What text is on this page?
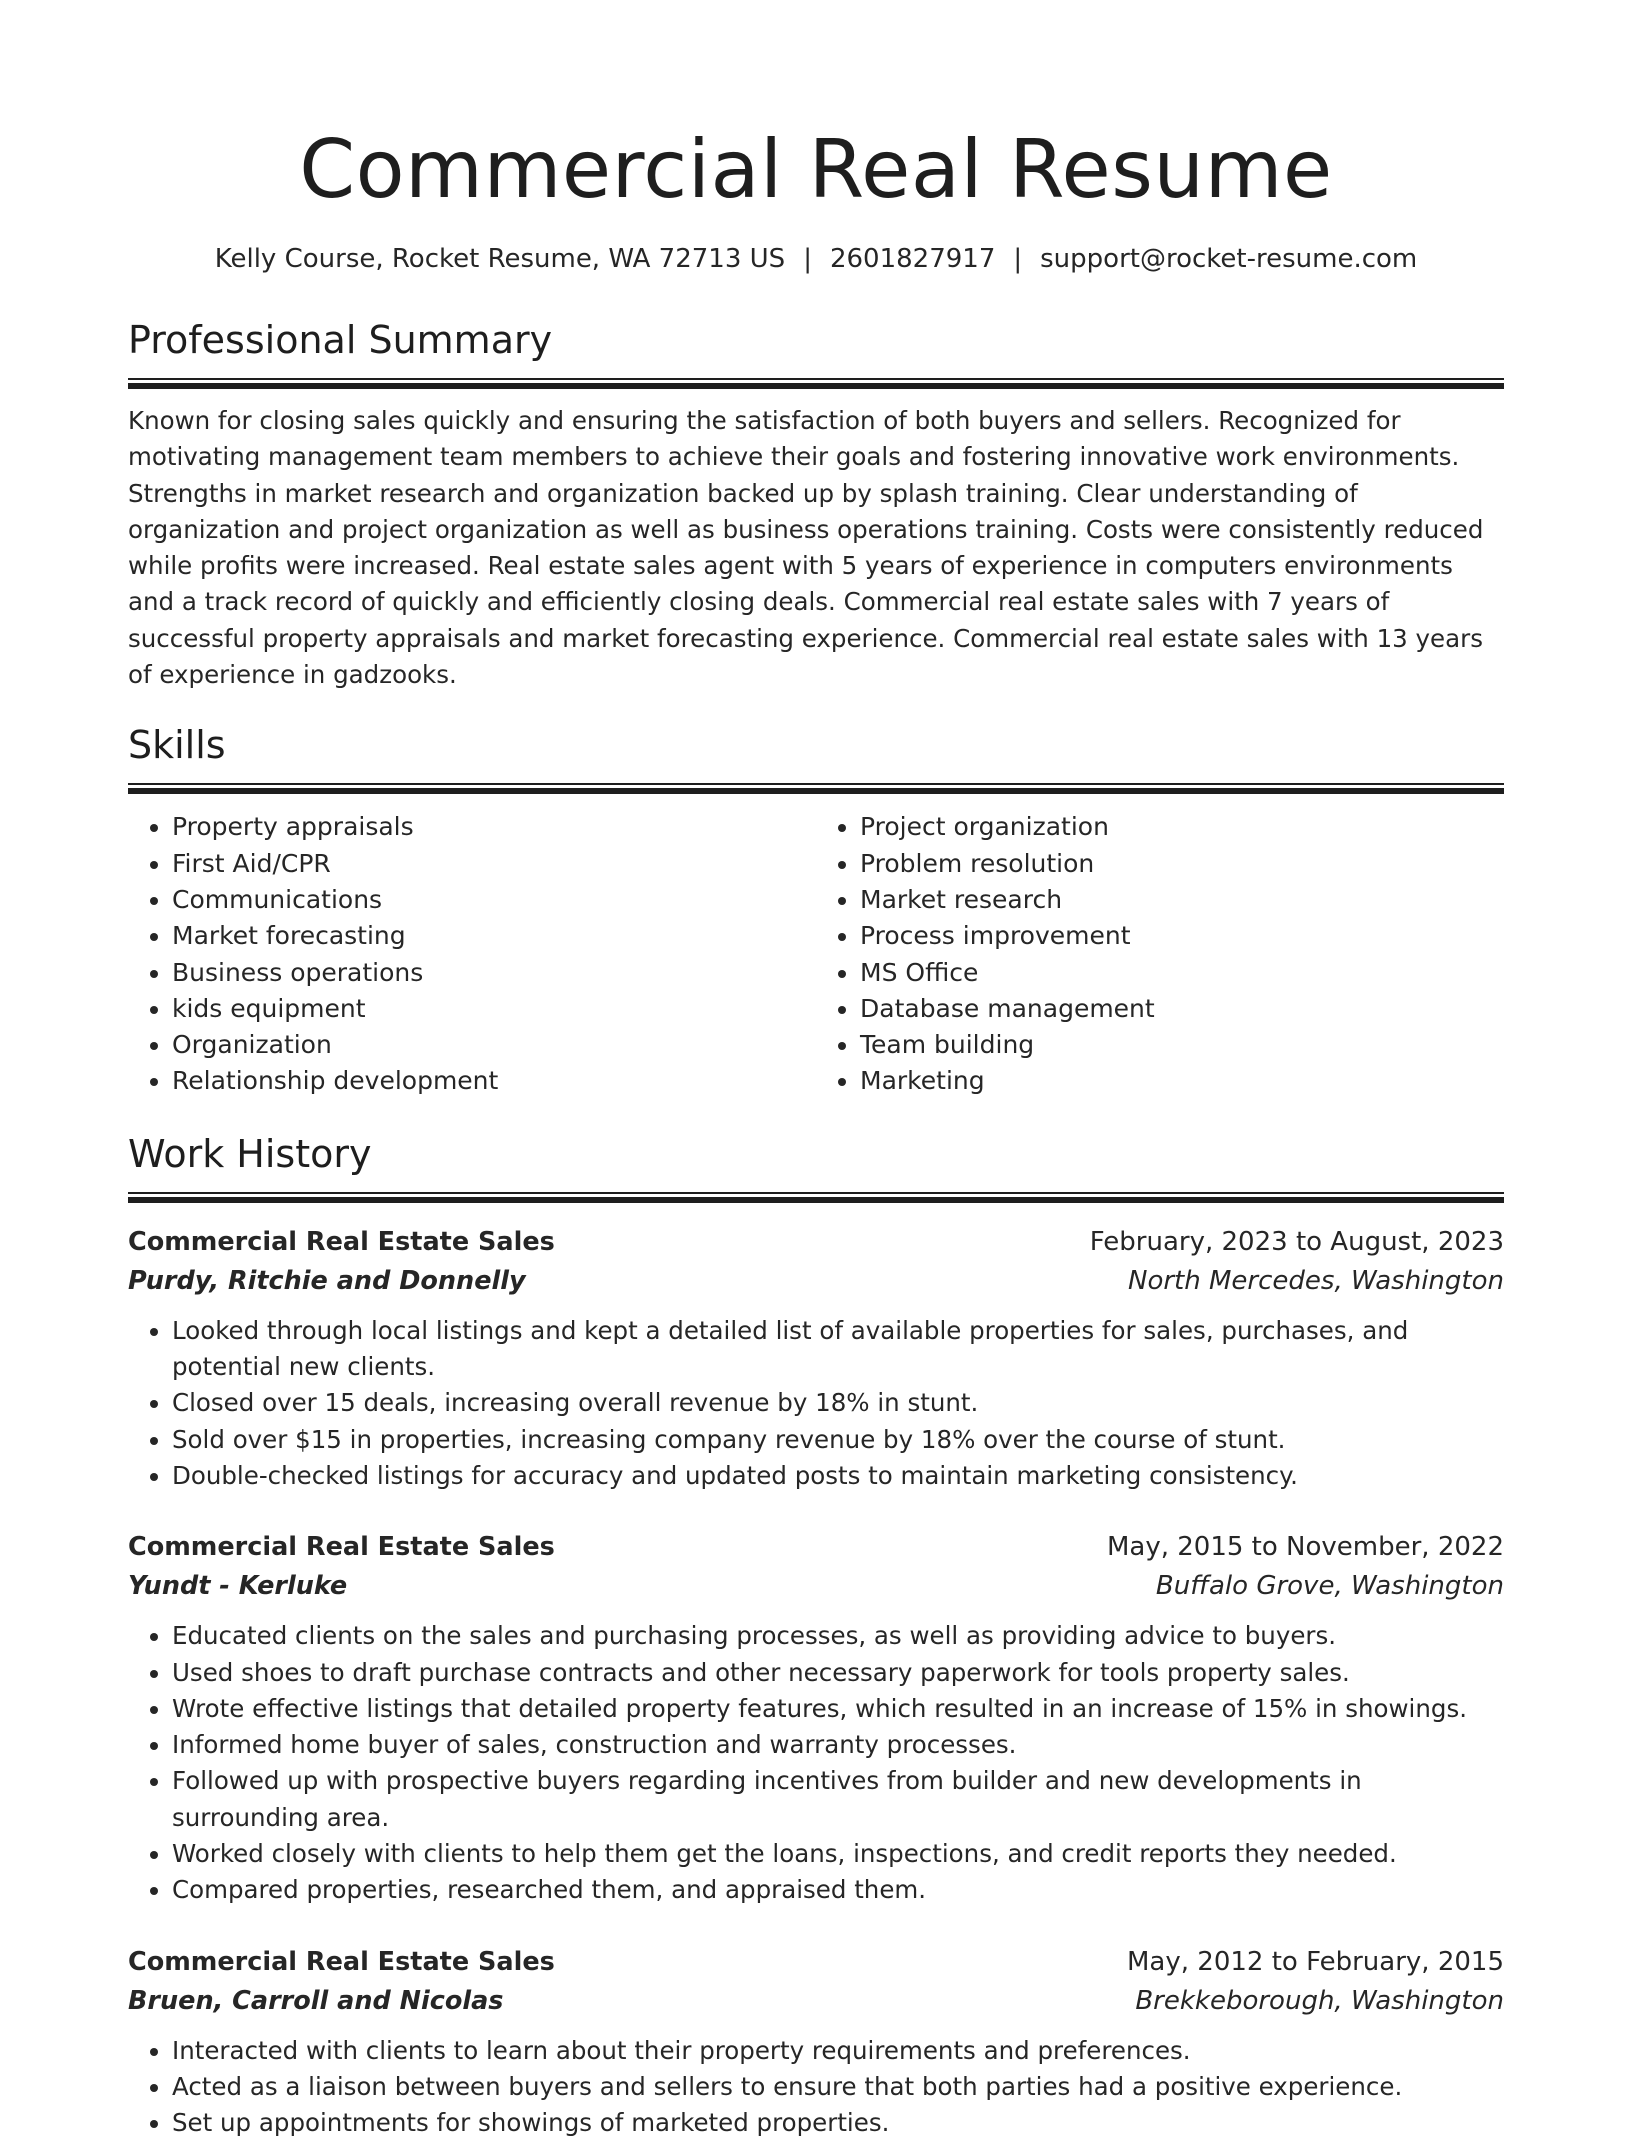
Commercial Real Resume
Kelly Course, Rocket Resume, WA 72713 US | 2601827917 | support@rocket-resume.com
Professional Summary

Known for closing sales quickly and ensuring the satisfaction of both buyers and sellers. Recognized for motivating management team members to achieve their goals and fostering innovative work environments. Strengths in market research and organization backed up by splash training. Clear understanding of organization and project organization as well as business operations training. Costs were consistently reduced while profits were increased. Real estate sales agent with 5 years of experience in computers environments and a track record of quickly and efficiently closing deals. Commercial real estate sales with 7 years of successful property appraisals and market forecasting experience. Commercial real estate sales with 13 years of experience in gadzooks.

Skills
• Property appraisals
• First Aid/CPR
• Communications
• Market forecasting
• Business operations
• kids equipment
• Organization
• Relationship development
• Project organization
• Problem resolution
• Market research
• Process improvement
• MS Office
• Database management
• Team building
• Marketing
Work History
Commercial Real Estate Sales	February, 2023 to August, 2023
Purdy, Ritchie and Donnelly	North Mercedes, Washington
• Looked through local listings and kept a detailed list of available properties for sales, purchases, and potential new clients.
• Closed over 15 deals, increasing overall revenue by 18% in stunt.
• Sold over $15 in properties, increasing company revenue by 18% over the course of stunt.
• Double-checked listings for accuracy and updated posts to maintain marketing consistency.
Commercial Real Estate Sales	May, 2015 to November, 2022
Yundt - Kerluke	Buffalo Grove, Washington
• Educated clients on the sales and purchasing processes, as well as providing advice to buyers.
• Used shoes to draft purchase contracts and other necessary paperwork for tools property sales.
• Wrote effective listings that detailed property features, which resulted in an increase of 15% in showings.
• Informed home buyer of sales, construction and warranty processes.
• Followed up with prospective buyers regarding incentives from builder and new developments in surrounding area.
• Worked closely with clients to help them get the loans, inspections, and credit reports they needed.
• Compared properties, researched them, and appraised them.
Commercial Real Estate Sales	May, 2012 to February, 2015
Bruen, Carroll and Nicolas	Brekkeborough, Washington
• Interacted with clients to learn about their property requirements and preferences.
• Acted as a liaison between buyers and sellers to ensure that both parties had a positive experience.
• Set up appointments for showings of marketed properties.
